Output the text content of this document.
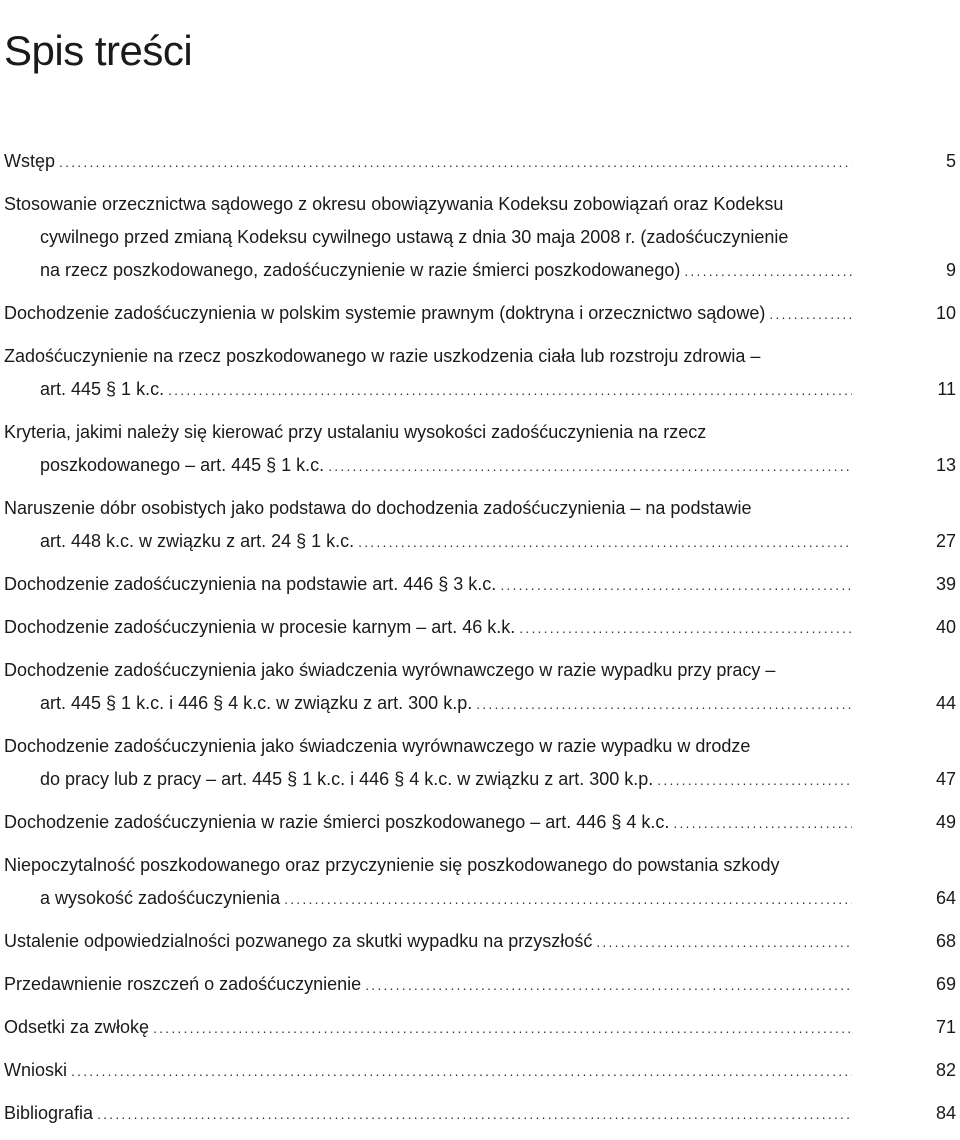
Spis treści
Wstęp .....	5
Stosowanie orzecznictwa sądowego z okresu obowiązywania Kodeksu zobowiązań oraz Kodeksu
cywilnego przed zmianą Kodeksu cywilnego ustawą z dnia 30 maja 2008 r. (zadośćuczynienie
na rzecz poszkodowanego, zadośćuczynienie w razie śmierci poszkodowanego) .....	9
Dochodzenie zadośćuczynienia w polskim systemie prawnym (doktryna i orzecznictwo sądowe) .....	10
Zadośćuczynienie na rzecz poszkodowanego w razie uszkodzenia ciała lub rozstroju zdrowia –
art. 445 § 1 k.c. .....	11
Kryteria, jakimi należy się kierować przy ustalaniu wysokości zadośćuczynienia na rzecz
poszkodowanego – art. 445 § 1 k.c. .....	13
Naruszenie dóbr osobistych jako podstawa do dochodzenia zadośćuczynienia – na podstawie
art. 448 k.c. w związku z art. 24 § 1 k.c. .....	27
Dochodzenie zadośćuczynienia na podstawie art. 446 § 3 k.c. .....	39
Dochodzenie zadośćuczynienia w procesie karnym – art. 46 k.k. .....	40
Dochodzenie zadośćuczynienia jako świadczenia wyrównawczego w razie wypadku przy pracy –
art. 445 § 1 k.c. i 446 § 4 k.c. w związku z art. 300 k.p. .....	44
Dochodzenie zadośćuczynienia jako świadczenia wyrównawczego w razie wypadku w drodze
do pracy lub z pracy – art. 445 § 1 k.c. i 446 § 4 k.c. w związku z art. 300 k.p. .....	47
Dochodzenie zadośćuczynienia w razie śmierci poszkodowanego – art. 446 § 4 k.c. .....	49
Niepoczytalność poszkodowanego oraz przyczynienie się poszkodowanego do powstania szkody
a wysokość zadośćuczynienia .....	64
Ustalenie odpowiedzialności pozwanego za skutki wypadku na przyszłość .....	68
Przedawnienie roszczeń o zadośćuczynienie .....	69
Odsetki za zwłokę .....	71
Wnioski .....	82
Bibliografia .....	84
